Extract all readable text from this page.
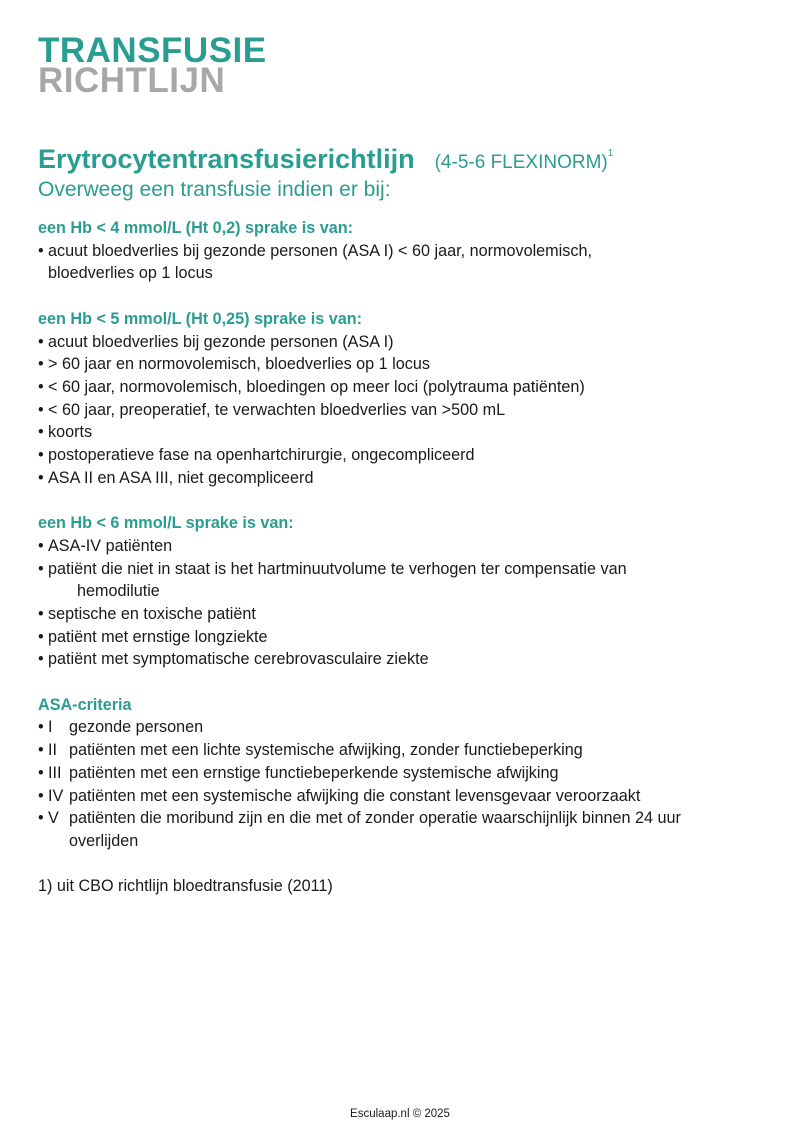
TRANSFUSIE
RICHTLIJN
Erytrocytentransfusierichtlijn (4-5-6 FLEXINORM)$^1$
Overweeg een transfusie indien er bij:
een Hb < 4 mmol/L (Ht 0,2) sprake is van:
• acuut bloedverlies bij gezonde personen (ASA I) < 60 jaar, normovolemisch,
bloedverlies op 1 locus
een Hb < 5 mmol/L (Ht 0,25) sprake is van:
• acuut bloedverlies bij gezonde personen (ASA I)
• > 60 jaar en normovolemisch, bloedverlies op 1 locus
• < 60 jaar, normovolemisch, bloedingen op meer loci (polytrauma patiënten)
• < 60 jaar, preoperatief, te verwachten bloedverlies van >500 mL
• koorts
• postoperatieve fase na openhartchirurgie, ongecompliceerd
• ASA II en ASA III, niet gecompliceerd
een Hb < 6 mmol/L sprake is van:
• ASA-IV patiënten
• patiënt die niet in staat is het hartminuutvolume te verhogen ter compensatie van
hemodilutie
• septische en toxische patiënt
• patiënt met ernstige longziekte
• patiënt met symptomatische cerebrovasculaire ziekte
ASA-criteria
• I gezonde personen
• II patiënten met een lichte systemische afwijking, zonder functiebeperking
• III patiënten met een ernstige functiebeperkende systemische afwijking
• IV patiënten met een systemische afwijking die constant levensgevaar veroorzaakt
• V patiënten die moribund zijn en die met of zonder operatie waarschijnlijk binnen 24 uur
overlijden
1) uit CBO richtlijn bloedtransfusie (2011)
Esculaap.nl © 2025
